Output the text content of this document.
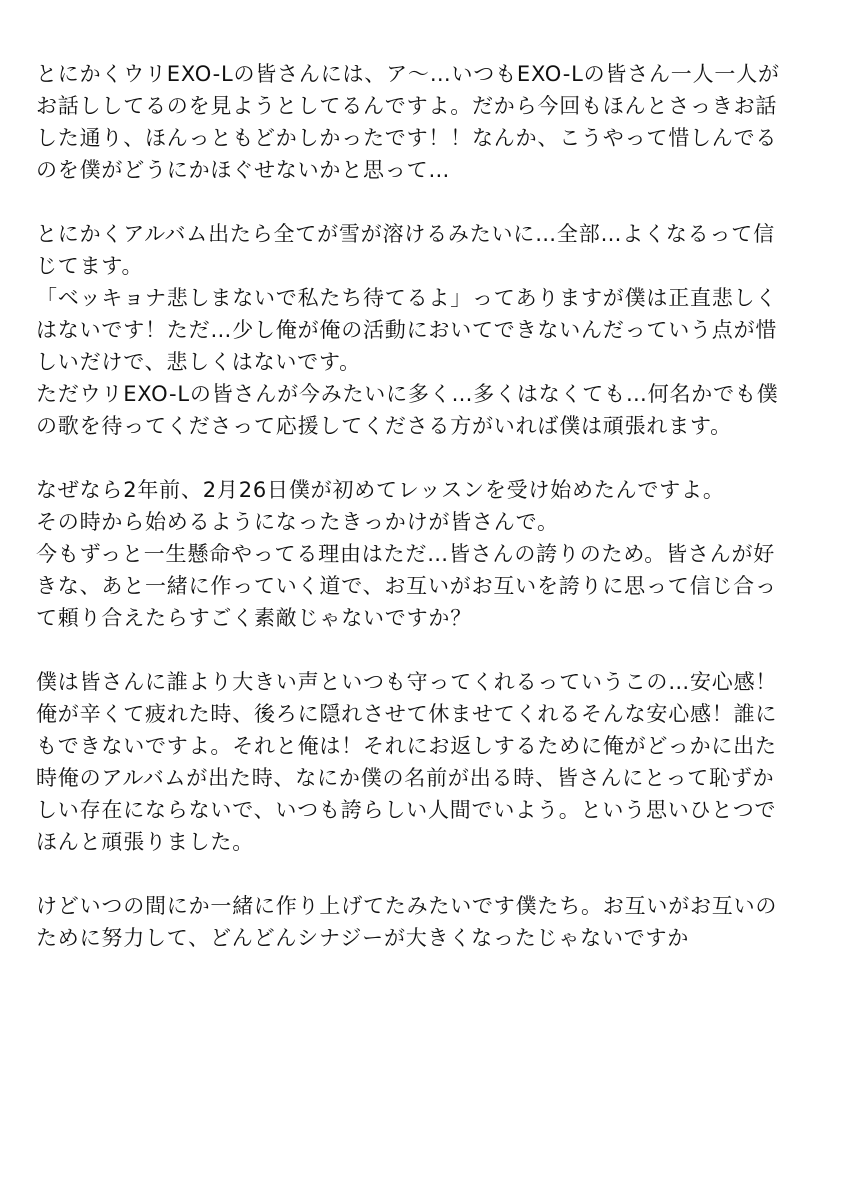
とにかくウリEXO-Lの皆さんには、ア〜…いつもEXO-Lの皆さん一人一人が
お話ししてるのを見ようとしてるんですよ。だから今回もほんとさっきお話
した通り、ほんっともどかしかったです！！なんか、こうやって惜しんでる
のを僕がどうにかほぐせないかと思って…
とにかくアルバム出たら全てが雪が溶けるみたいに…全部…よくなるって信
じてます。
「ベッキョナ悲しまないで私たち待てるよ」ってありますが僕は正直悲しく
はないです！ただ…少し俺が俺の活動においてできないんだっていう点が惜
しいだけで、悲しくはないです。
ただウリEXO-Lの皆さんが今みたいに多く…多くはなくても…何名かでも僕
の歌を待ってくださって応援してくださる方がいれば僕は頑張れます。
なぜなら2年前、2月26日僕が初めてレッスンを受け始めたんですよ。
その時から始めるようになったきっかけが皆さんで。
今もずっと一生懸命やってる理由はただ…皆さんの誇りのため。皆さんが好
きな、あと一緒に作っていく道で、お互いがお互いを誇りに思って信じ合っ
て頼り合えたらすごく素敵じゃないですか？
僕は皆さんに誰より大きい声といつも守ってくれるっていうこの…安心感！
俺が辛くて疲れた時、後ろに隠れさせて休ませてくれるそんな安心感！誰に
もできないですよ。それと俺は！それにお返しするために俺がどっかに出た
時俺のアルバムが出た時、なにか僕の名前が出る時、皆さんにとって恥ずか
しい存在にならないで、いつも誇らしい人間でいよう。という思いひとつで
ほんと頑張りました。
けどいつの間にか一緒に作り上げてたみたいです僕たち。お互いがお互いの
ために努力して、どんどんシナジーが大きくなったじゃないですか
